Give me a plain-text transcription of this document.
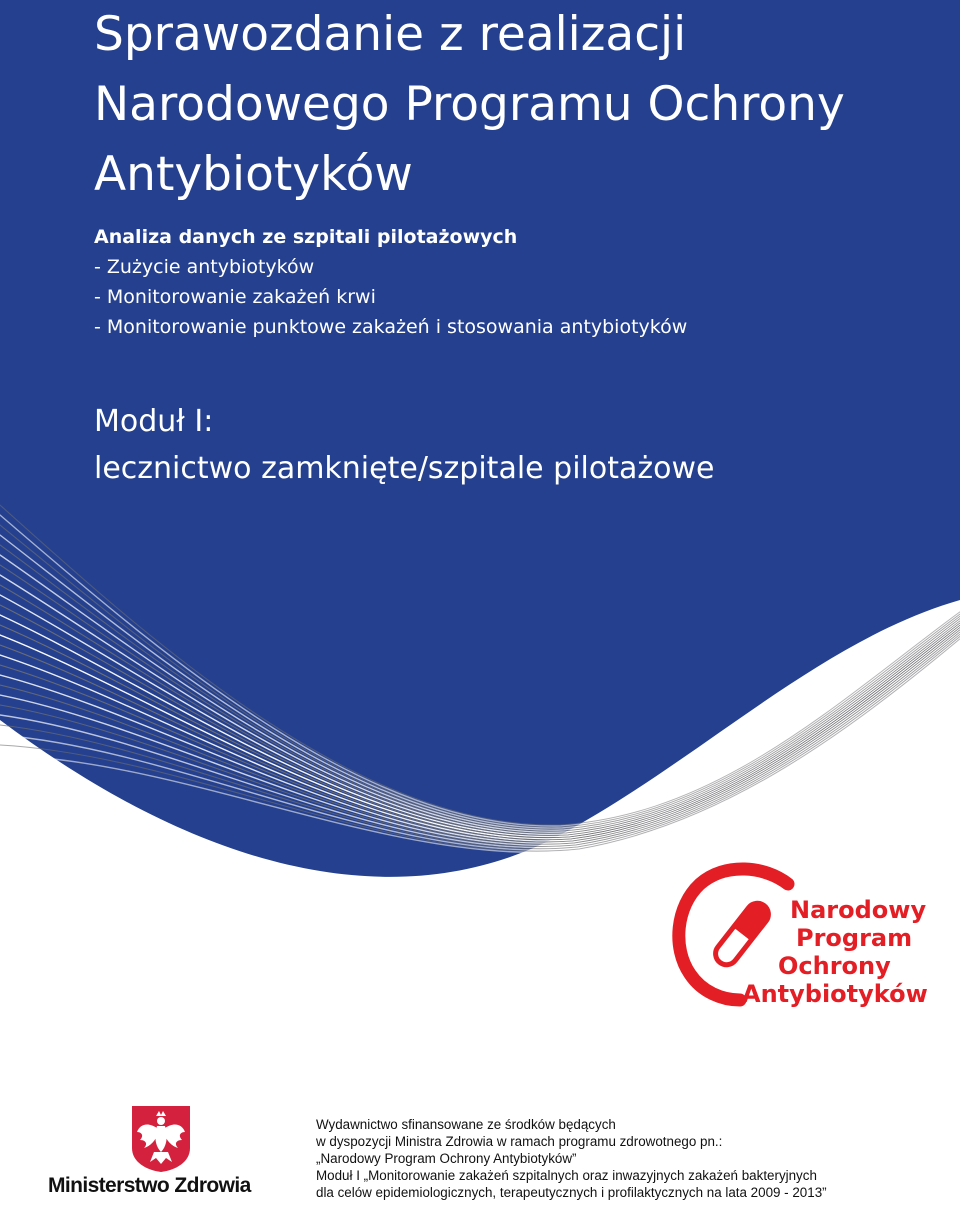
Sprawozdanie z realizacji
Narodowego Programu Ochrony
Antybiotyków
Analiza danych ze szpitali pilotażowych
- Zużycie antybiotyków
- Monitorowanie zakażeń krwi
- Monitorowanie punktowe zakażeń i stosowania antybiotyków
Moduł I:
lecznictwo zamknięte/szpitale pilotażowe
Narodowy
Program
Ochrony
Antybiotyków
Ministerstwo Zdrowia
Wydawnictwo sfinansowane ze środków będących
w dyspozycji Ministra Zdrowia w ramach programu zdrowotnego pn.:
„Narodowy Program Ochrony Antybiotyków”
Moduł I „Monitorowanie zakażeń szpitalnych oraz inwazyjnych zakażeń bakteryjnych
dla celów epidemiologicznych, terapeutycznych i profilaktycznych na lata 2009 - 2013”
